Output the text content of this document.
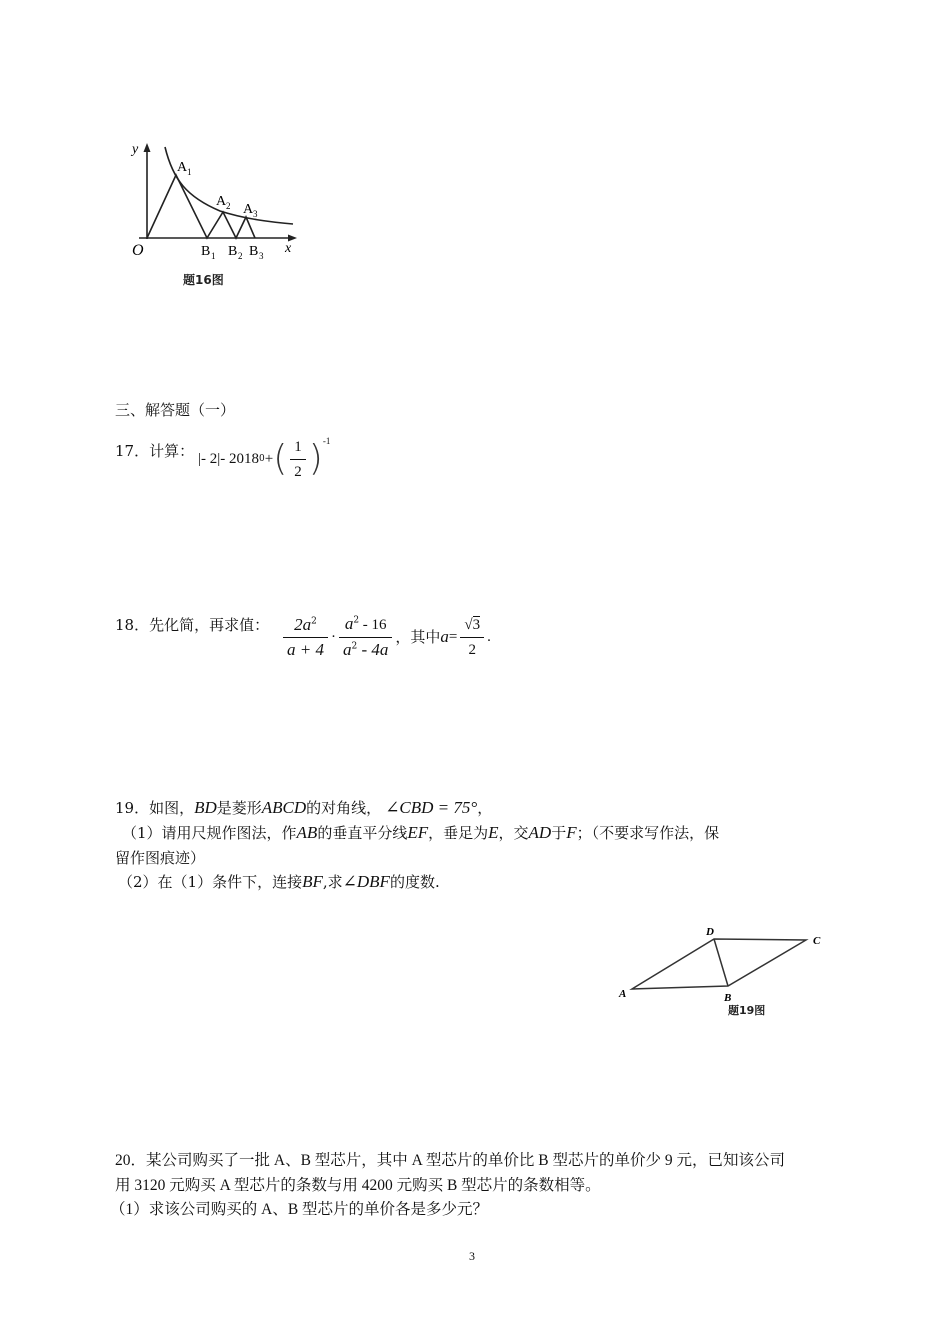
y
x
O
A 1
A 2 A 3
B 1 B 2 B 3
题16图
三、解答题（一）
17．计算： | - 2 | - 2018 0 + ( $\frac{1}{2}$ ) -1
18．先化简，再求值： $\frac{2a^2}{a + 4} \cdot \frac{a^2 - 16}{a^2 - 4a}$ ，其中 $a = \frac{√3}{2}$ .
19．如图，BD是菱形ABCD的对角线， ∠CBD = 75°，
（1）请用尺规作图法，作AB的垂直平分线EF，垂足为E，交AD于F；（不要求写作法，保
留作图痕迹）
（2）在（1）条件下，连接BF,求∠DBF的度数.
A	B
C
D
题19图
20．某公司购买了一批 A、B 型芯片，其中 A 型芯片的单价比 B 型芯片的单价少 9 元，已知该公司
用 3120 元购买 A 型芯片的条数与用 4200 元购买 B 型芯片的条数相等。
（1）求该公司购买的 A、B 型芯片的单价各是多少元？
3
